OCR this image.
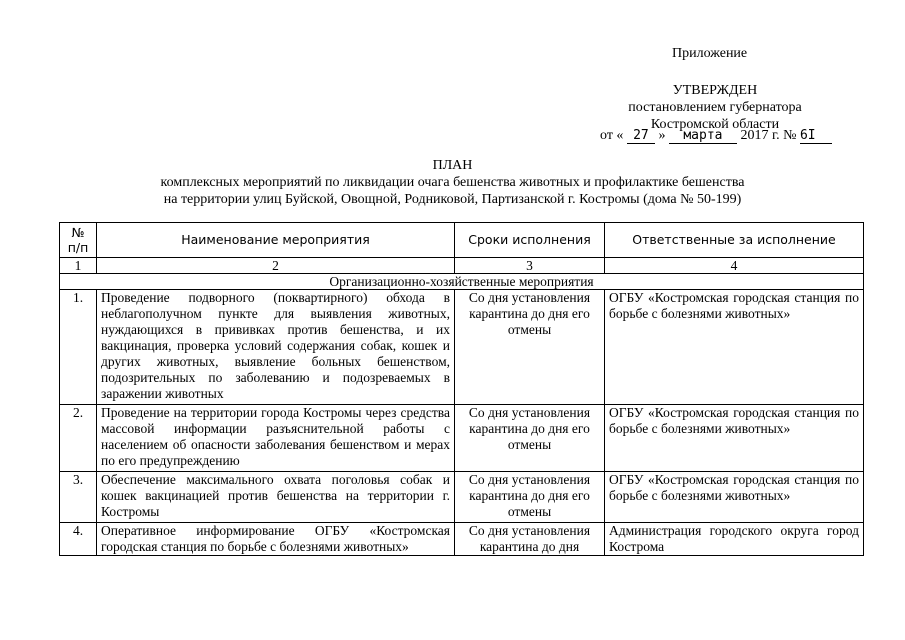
Приложение
УТВЕРЖДЕН
постановлением губернатора
Костромской области
от « 27 » марта 2017 г. № 6I
ПЛАН
комплексных мероприятий по ликвидации очага бешенства животных и профилактике бешенства
на территории улиц Буйской, Овощной, Родниковой, Партизанской г. Костромы (дома № 50-199)
№ п/п	Наименование мероприятия	Сроки исполнения	Ответственные за исполнение
1	2	3	4
Организационно-хозяйственные мероприятия			
1.	Проведение подворного (поквартирного) обхода в неблагополучном пункте для выявления животных, нуждающихся в прививках против бешенства, и их вакцинация, проверка условий содержания собак, кошек и других животных, выявление больных бешенством, подозрительных по заболеванию и подозреваемых в заражении животных	Со дня установления карантина до дня его отмены	ОГБУ «Костромская городская станция по борьбе с болезнями животных»
2.	Проведение на территории города Костромы через средства массовой информации разъяснительной работы с населением об опасности заболевания бешенством и мерах по его предупреждению	Со дня установления карантина до дня его отмены	ОГБУ «Костромская городская станция по борьбе с болезнями животных»
3.	Обеспечение максимального охвата поголовья собак и кошек вакцинацией против бешенства на территории г. Костромы	Со дня установления карантина до дня его отмены	ОГБУ «Костромская городская станция по борьбе с болезнями животных»
4.	Оперативное информирование ОГБУ «Костромская городская станция по борьбе с болезнями животных»	Со дня установления карантина до дня	Администрация городского округа город Кострома
